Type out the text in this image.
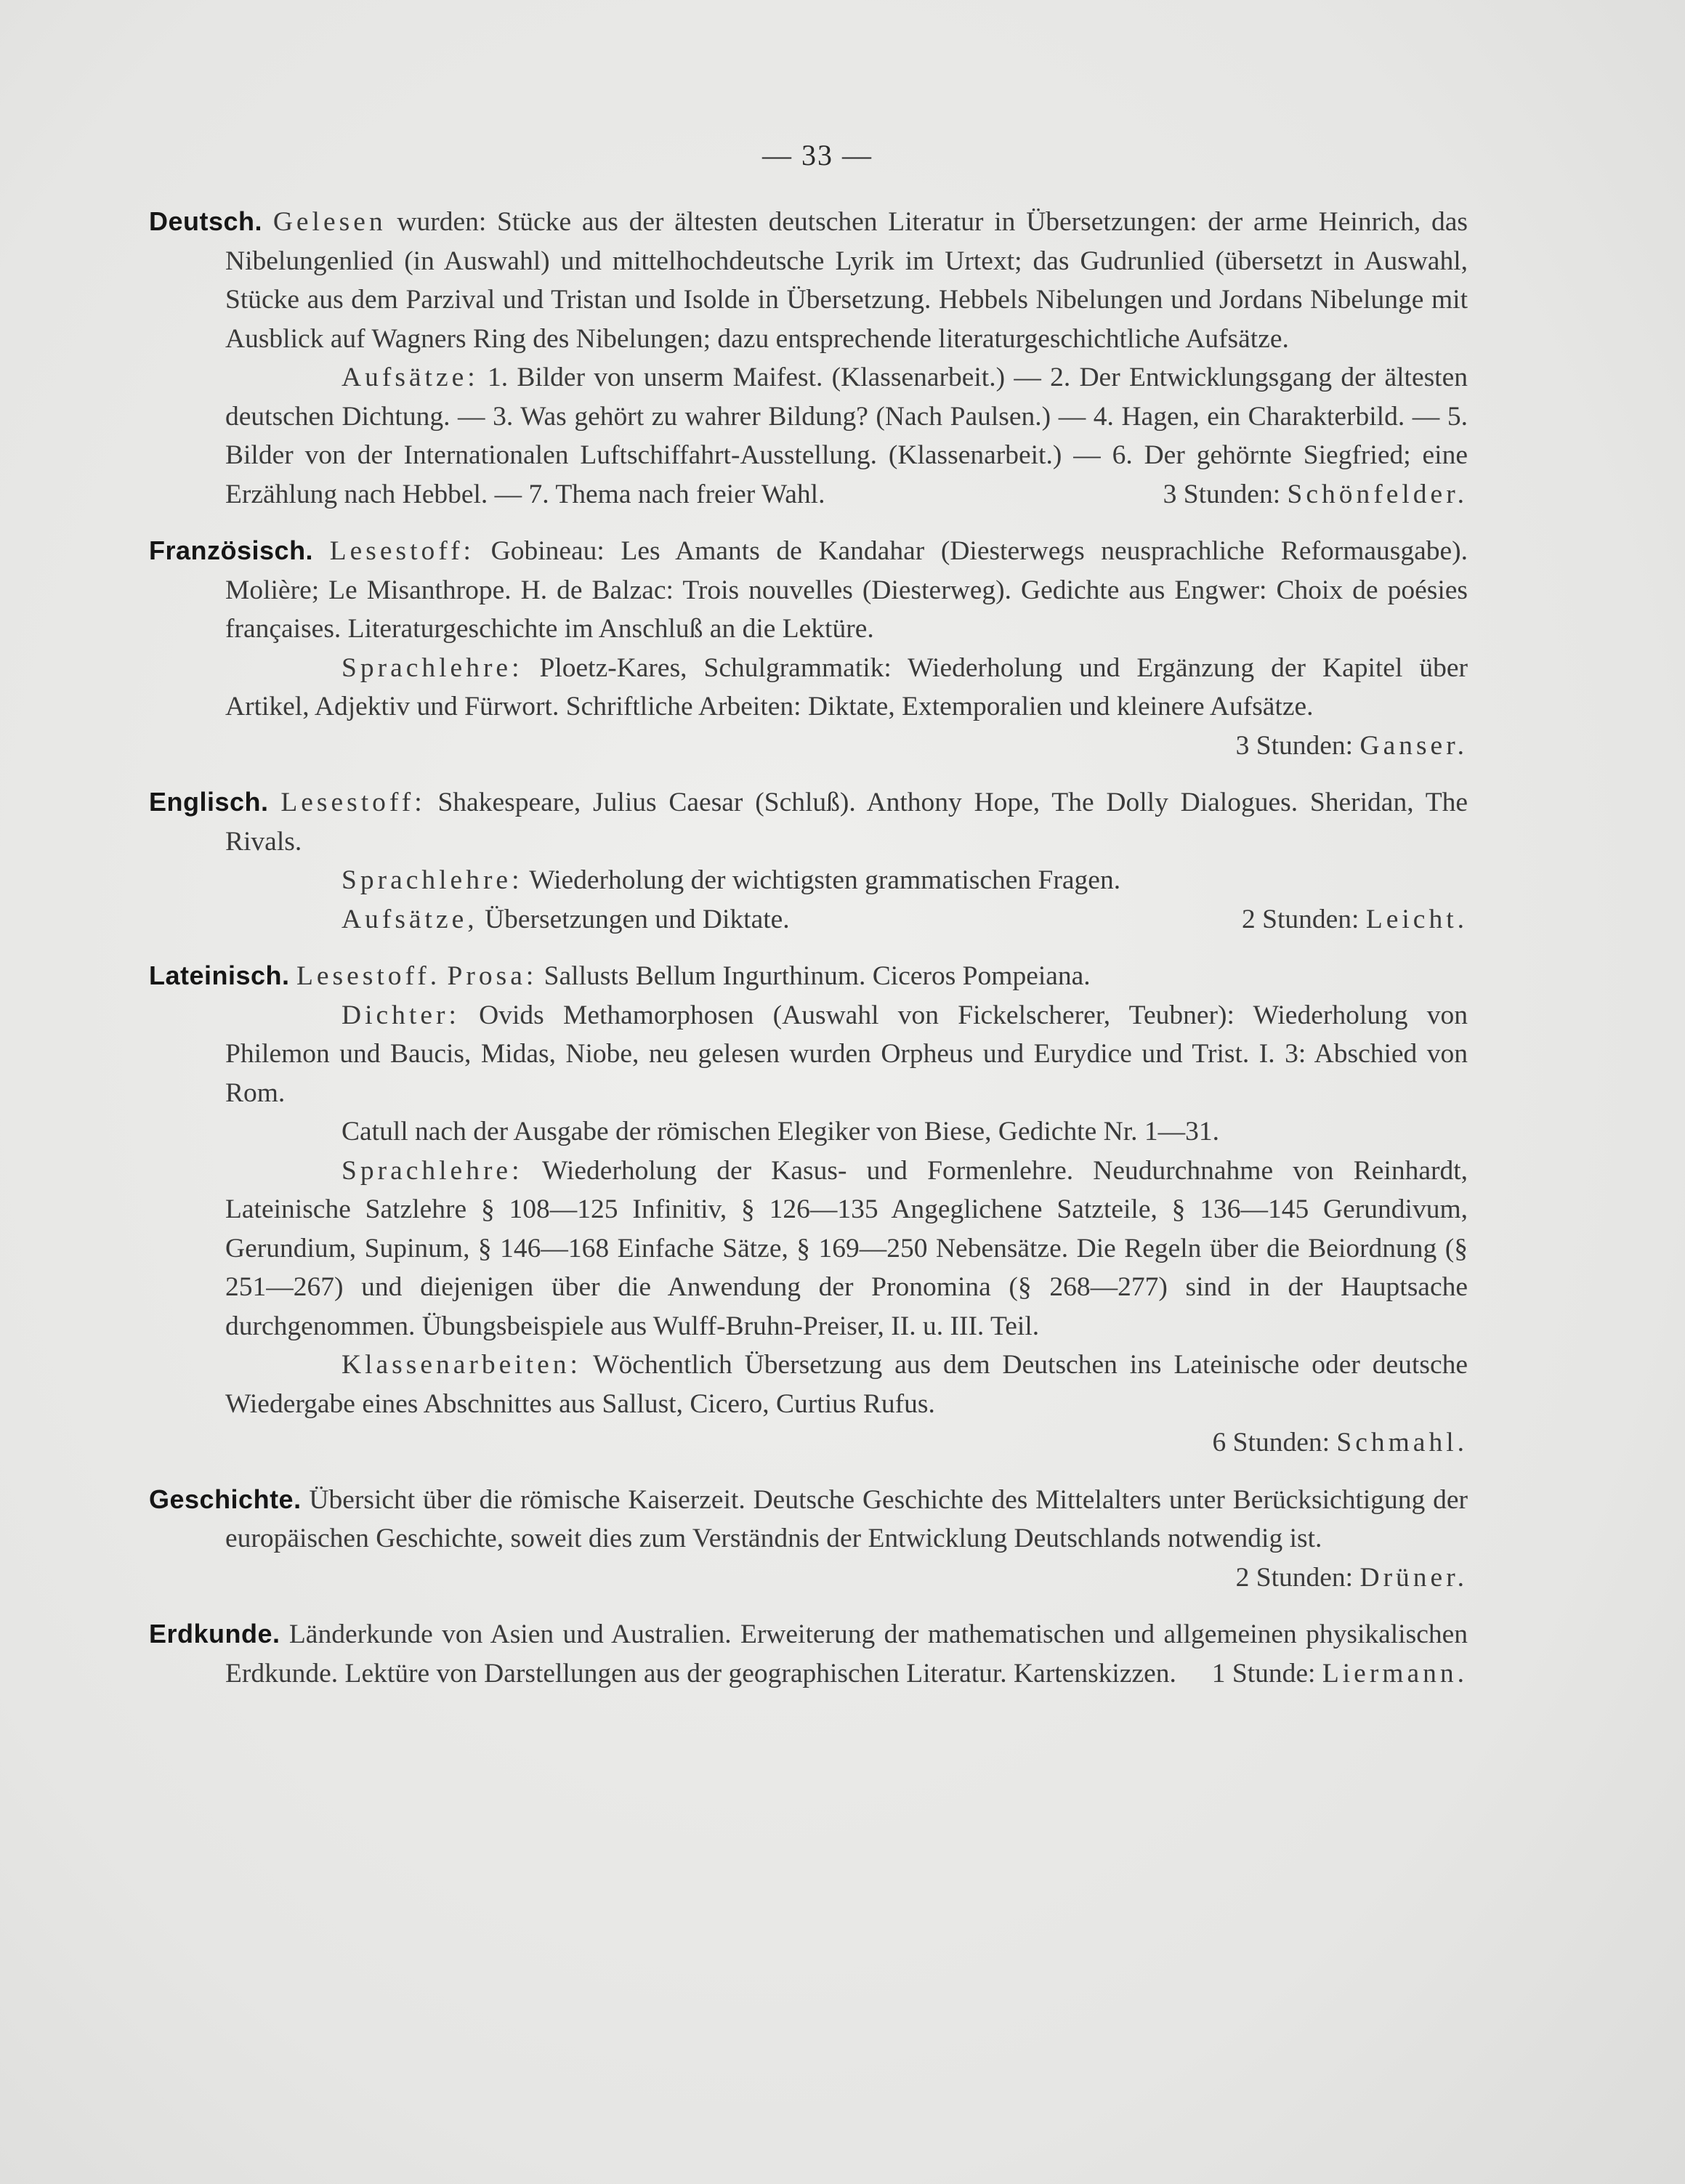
— 33 —

Deutsch. Gelesen wurden: Stücke aus der ältesten deutschen Literatur in Übersetzungen: der arme Heinrich, das Nibelungenlied (in Auswahl) und mittelhochdeutsche Lyrik im Urtext; das Gudrunlied (übersetzt in Auswahl, Stücke aus dem Parzival und Tristan und Isolde in Übersetzung. Hebbels Nibelungen und Jordans Nibelunge mit Ausblick auf Wagners Ring des Nibelungen; dazu entsprechende literaturgeschichtliche Aufsätze.

Aufsätze: 1. Bilder von unserm Maifest. (Klassenarbeit.) — 2. Der Entwicklungsgang der ältesten deutschen Dichtung. — 3. Was gehört zu wahrer Bildung? (Nach Paulsen.) — 4. Hagen, ein Charakterbild. — 5. Bilder von der Internationalen Luftschiffahrt-Ausstellung. (Klassenarbeit.) — 6. Der gehörnte Siegfried; eine Erzählung nach Hebbel. — 7. Thema nach freier Wahl.	3 Stunden: Schönfelder.

Französisch. Lesestoff: Gobineau: Les Amants de Kandahar (Diesterwegs neusprachliche Reformausgabe). Molière; Le Misanthrope. H. de Balzac: Trois nouvelles (Diesterweg). Gedichte aus Engwer: Choix de poésies françaises. Literaturgeschichte im Anschluß an die Lektüre.

Sprachlehre: Ploetz-Kares, Schulgrammatik: Wiederholung und Ergänzung der Kapitel über Artikel, Adjektiv und Fürwort. Schriftliche Arbeiten: Diktate, Extemporalien und kleinere Aufsätze.
3 Stunden: Ganser.

Englisch. Lesestoff: Shakespeare, Julius Caesar (Schluß). Anthony Hope, The Dolly Dialogues. Sheridan, The Rivals.

Sprachlehre: Wiederholung der wichtigsten grammatischen Fragen.

Aufsätze, Übersetzungen und Diktate.	2 Stunden: Leicht.

Lateinisch. Lesestoff. Prosa: Sallusts Bellum Ingurthinum. Ciceros Pompeiana.

Dichter: Ovids Methamorphosen (Auswahl von Fickelscherer, Teubner): Wiederholung von Philemon und Baucis, Midas, Niobe, neu gelesen wurden Orpheus und Eurydice und Trist. I. 3: Abschied von Rom.

Catull nach der Ausgabe der römischen Elegiker von Biese, Gedichte Nr. 1—31.

Sprachlehre: Wiederholung der Kasus- und Formenlehre. Neudurchnahme von Reinhardt, Lateinische Satzlehre § 108—125 Infinitiv, § 126—135 Angeglichene Satzteile, § 136—145 Gerundivum, Gerundium, Supinum, § 146—168 Einfache Sätze, § 169—250 Nebensätze. Die Regeln über die Beiordnung (§ 251—267) und diejenigen über die Anwendung der Pronomina (§ 268—277) sind in der Hauptsache durchgenommen. Übungsbeispiele aus Wulff-Bruhn-Preiser, II. u. III. Teil.

Klassenarbeiten: Wöchentlich Übersetzung aus dem Deutschen ins Lateinische oder deutsche Wiedergabe eines Abschnittes aus Sallust, Cicero, Curtius Rufus.

6 Stunden: Schmahl.

Geschichte. Übersicht über die römische Kaiserzeit. Deutsche Geschichte des Mittelalters unter Berücksichtigung der europäischen Geschichte, soweit dies zum Verständnis der Entwicklung Deutschlands notwendig ist.
2 Stunden: Drüner.

Erdkunde. Länderkunde von Asien und Australien. Erweiterung der mathematischen und allgemeinen physikalischen Erdkunde. Lektüre von Darstellungen aus der geographischen Literatur. Kartenskizzen. 1 Stunde: Liermann.
